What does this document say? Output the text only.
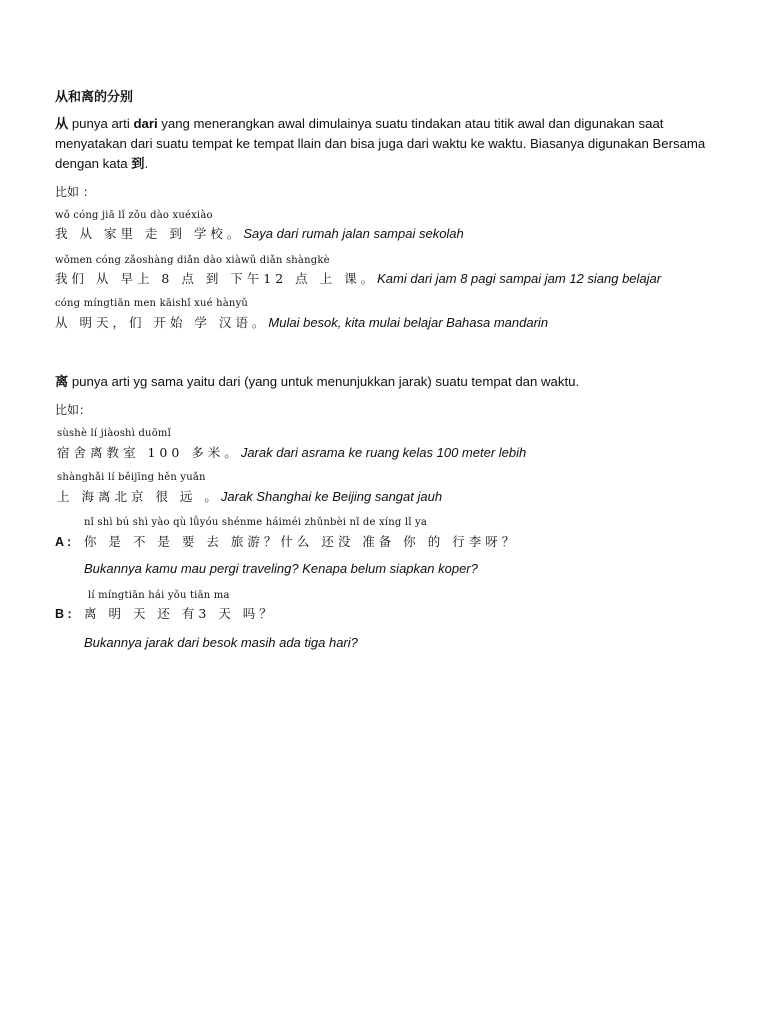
从和离的分别
从 punya arti dari yang menerangkan awal dimulainya suatu tindakan atau titik awal dan digunakan saat
menyatakan dari suatu tempat ke tempat llain dan bisa juga dari waktu ke waktu. Biasanya digunakan Bersama
dengan kata 到.
比如 ：
wǒ cóng jiā lǐ zǒu dào xuéxiào
我 从 家里 走 到 学校。Saya dari rumah jalan sampai sekolah
wǒmen cóng zǎoshàng diǎn dào xiàwǔ diǎn shàngkè
我们 从 早上 8 点 到 下午12 点 上 课。Kami dari jam 8 pagi sampai jam 12 siang belajar
cóng míngtiān men kāishǐ xué hànyǔ
从 明天，们 开始 学 汉语。Mulai besok, kita mulai belajar Bahasa mandarin
离 punya arti yg sama yaitu dari (yang untuk menunjukkan jarak) suatu tempat dan waktu.
比如：
sùshè lí jiàoshì duōmǐ
宿舍离教室 100 多米。Jarak dari asrama ke ruang kelas 100 meter lebih
shànghǎi lí běijīng hěn yuǎn
上 海离北京 很 远 。Jarak Shanghai ke Beijing sangat jauh
nǐ shì bú shì yào qù lǚyóu shénme háiméi zhǔnbèi nǐ de xíng lǐ ya
A : 你 是 不 是 要 去 旅游？什么 还没 准备 你 的 行李呀？
Bukannya kamu mau pergi traveling? Kenapa belum siapkan koper?
lí míngtiān hái yǒu tiān ma
B : 离 明 天 还 有3 天 吗？
Bukannya jarak dari besok masih ada tiga hari?
